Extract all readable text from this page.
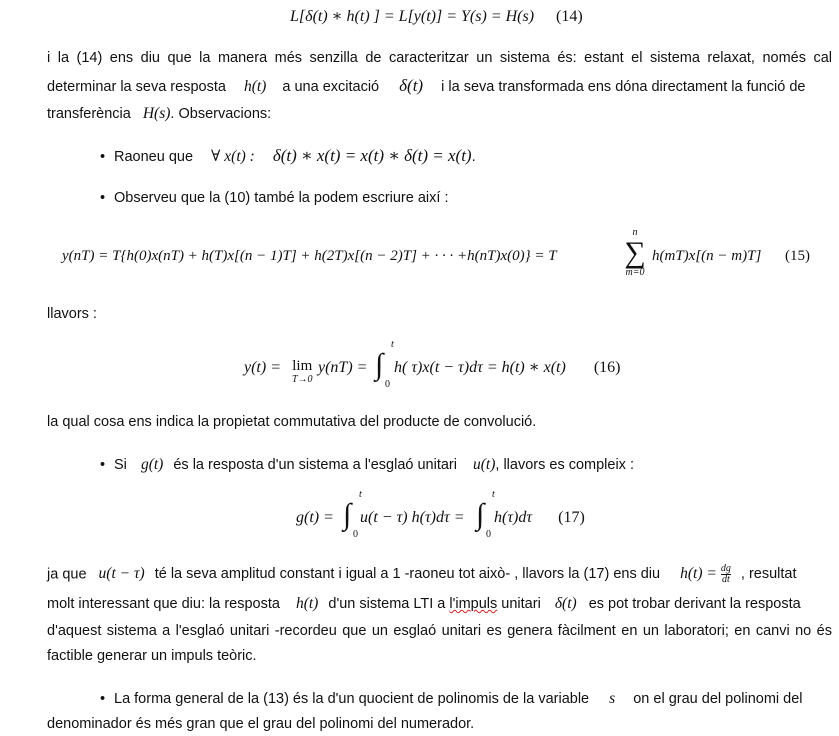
L[δ(t) ∗ h(t) ] = L[y(t)] = Y(s) = H(s) (14)
i la (14) ens diu que la manera més senzilla de caracteritzar un sistema és: estant el sistema relaxat, només cal
determinar la seva resposta h(t) a una excitació δ(t) i la seva transformada ens dóna directament la funció de
transferència H(s). Observacions:
• Raoneu que ∀ x(t) : δ(t) ∗ x(t) = x(t) ∗ δ(t) = x(t).
• Observeu que la (10) també la podem escriure així :
y(nT) = T{h(0)x(nT) + h(T)x[(n − 1)T] + h(2T)x[(n − 2)T] + · · · +h(nT)x(0)} = T
n
∑
m=0
h(mT)x[(n − m)T] (15)
llavors :
y(t) = lim
T→0
y(nT) =
t
∫
0
h( τ)x(t − τ)dτ = h(t) ∗ x(t) (16)
la qual cosa ens indica la propietat commutativa del producte de convolució.
• Si g(t) és la resposta d'un sistema a l'esglaó unitari u(t), llavors es compleix :
g(t) =
t
∫
0
u(t − τ) h(τ)dτ =
t
∫
0
h(τ)dτ (17)
ja que u(t − τ) té la seva amplitud constant i igual a 1 -raoneu tot això- , llavors la (17) ens diu $h(t) = \frac{dg}{dt}$ , resultat
molt interessant que diu: la resposta h(t) d'un sistema LTI a l'impuls unitari δ(t) es pot trobar derivant la resposta
d'aquest sistema a l'esglaó unitari -recordeu que un esglaó unitari es genera fàcilment en un laboratori; en canvi no és
factible generar un impuls teòric.
• La forma general de la (13) és la d'un quocient de polinomis de la variable s on el grau del polinomi del
denominador és més gran que el grau del polinomi del numerador.
